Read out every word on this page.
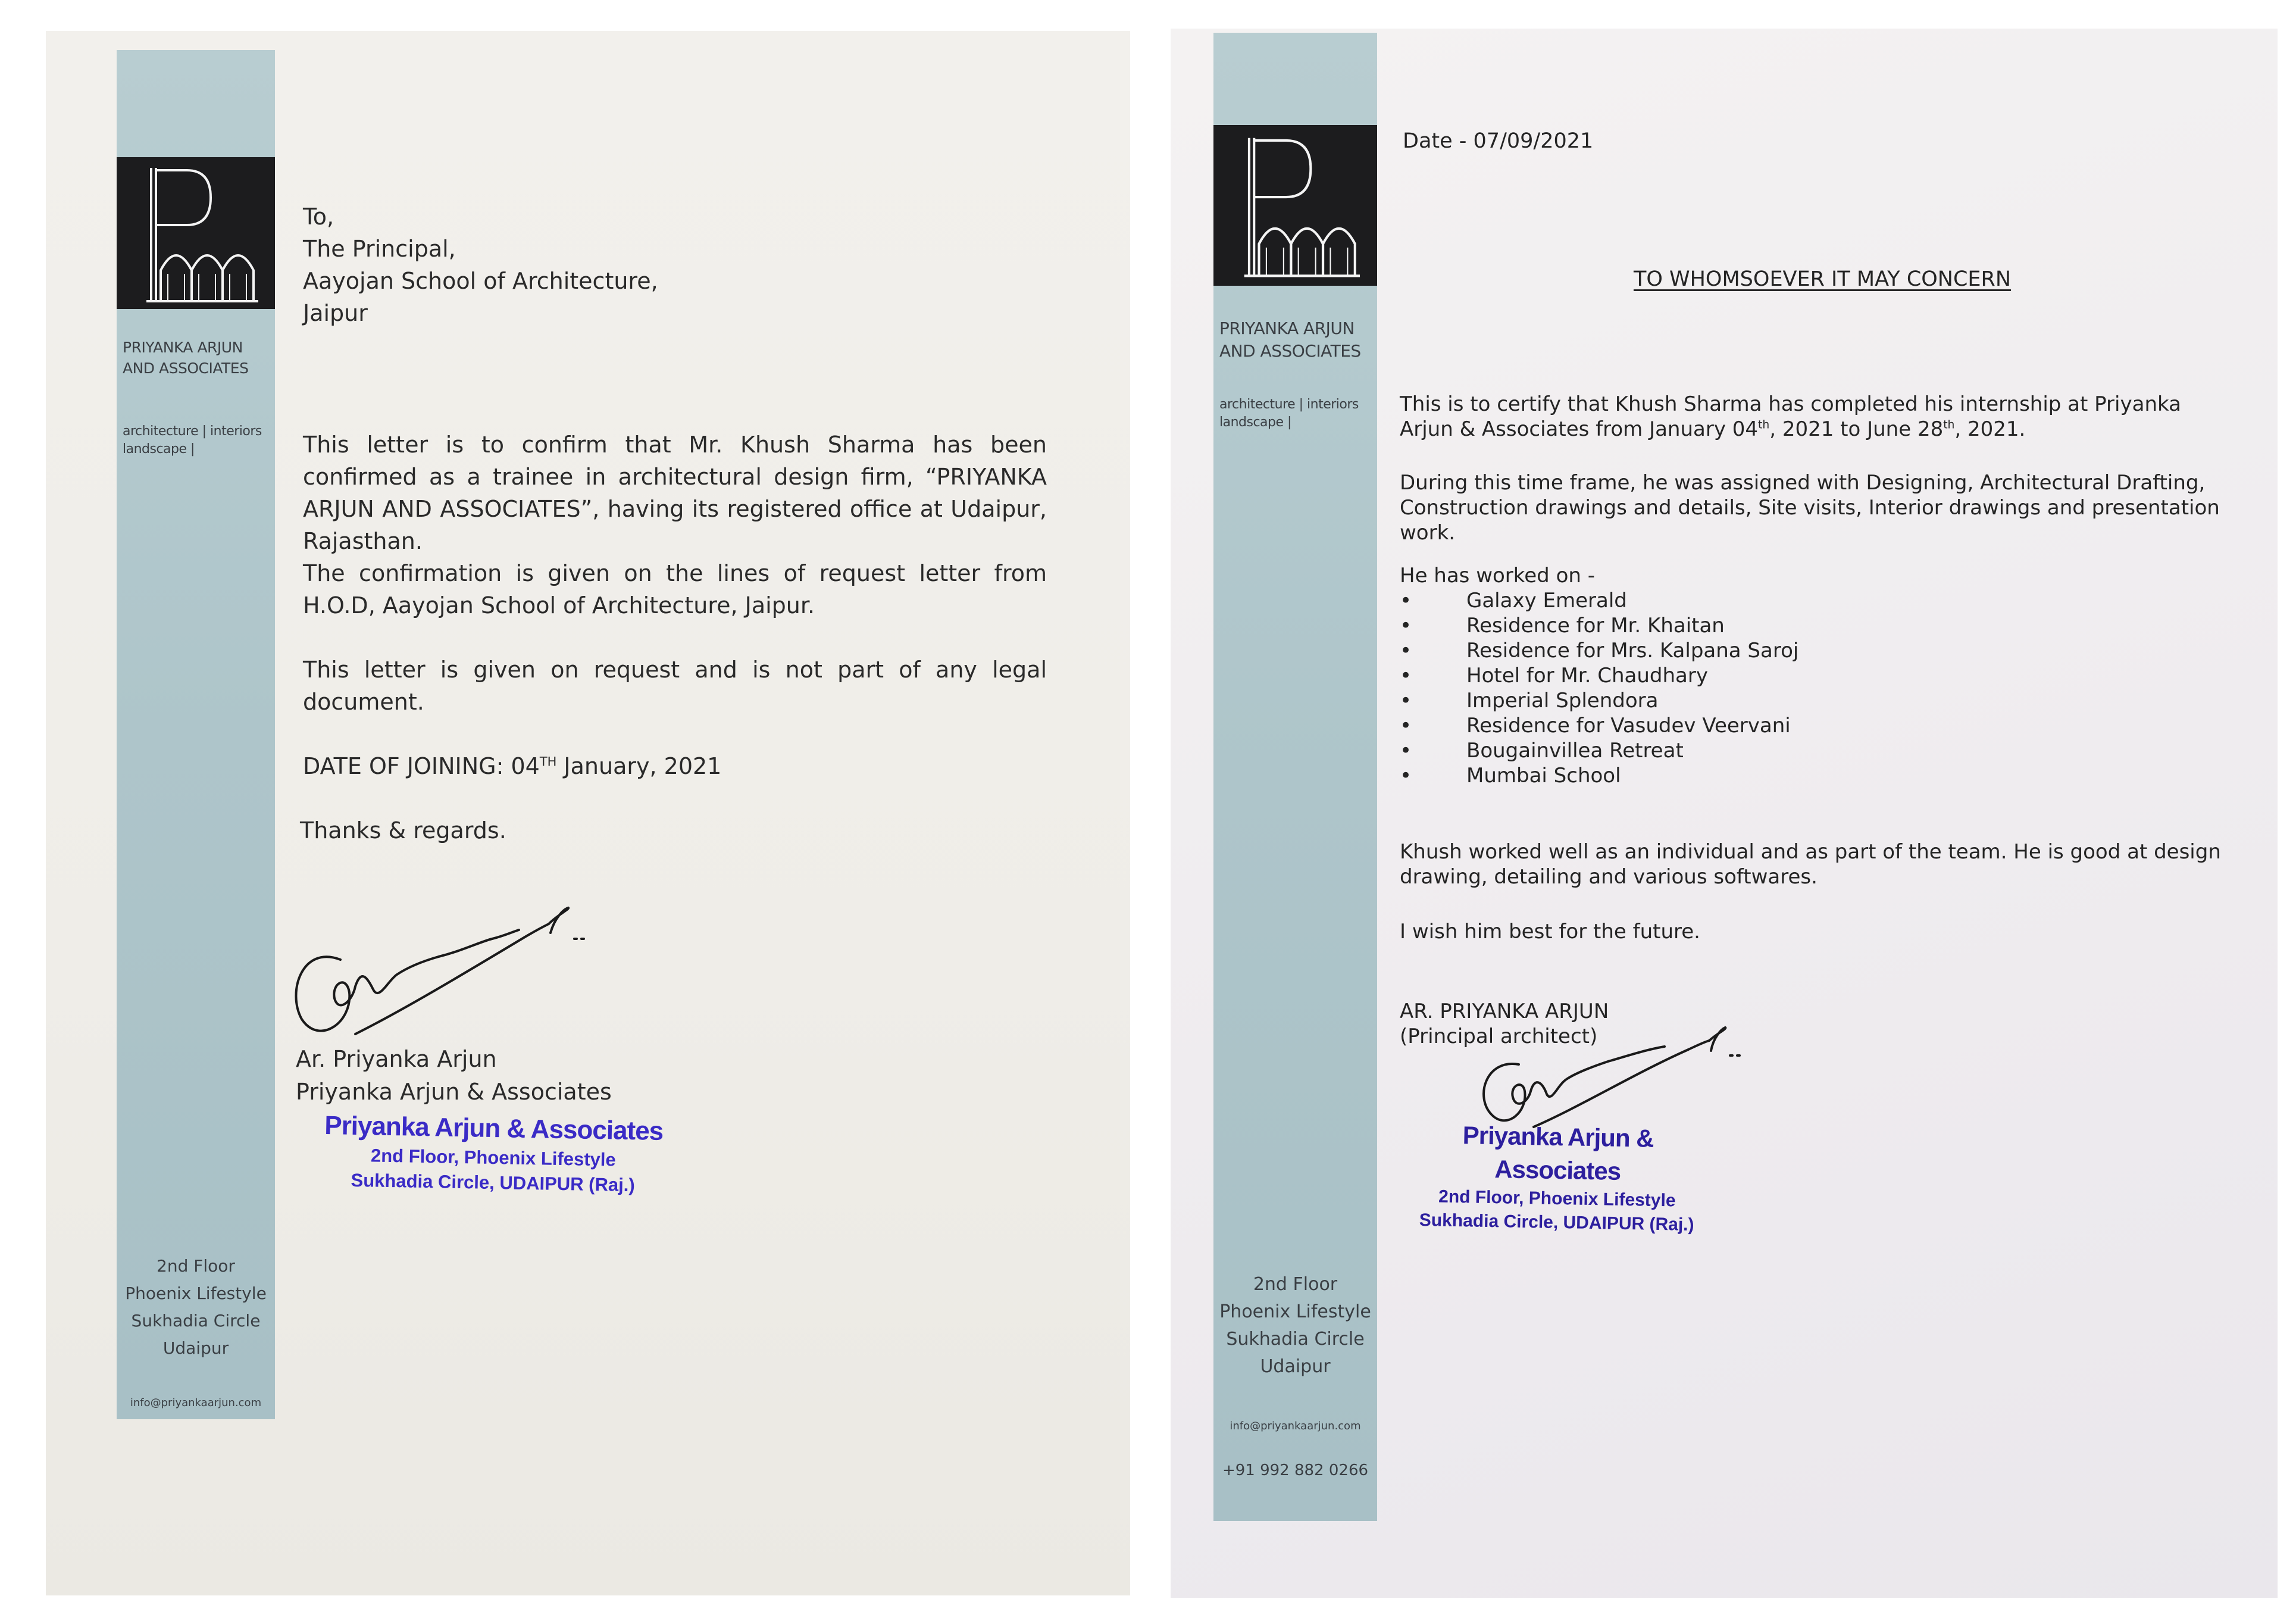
PRIYANKA ARJUN
AND ASSOCIATES
architecture | interiors landscape |
2nd Floor
Phoenix Lifestyle
Sukhadia Circle
Udaipur
info@priyankaarjun.com
To,
The Principal,
Aayojan School of Architecture,
Jaipur
This letter is to confirm that Mr. Khush Sharma has been confirmed as a trainee in architectural design firm, “PRIYANKA ARJUN AND ASSOCIATES”, having its registered office at Udaipur, Rajasthan.
The confirmation is given on the lines of request letter from H.O.D, Aayojan School of Architecture, Jaipur.
This letter is given on request and is not part of any legal document.
DATE OF JOINING: 04TH January, 2021
Thanks & regards.
Ar. Priyanka Arjun
Priyanka Arjun & Associates
Priyanka Arjun & Associates
2nd Floor, Phoenix Lifestyle
Sukhadia Circle, UDAIPUR (Raj.)
PRIYANKA ARJUN
AND ASSOCIATES
architecture | interiors landscape |
2nd Floor
Phoenix Lifestyle
Sukhadia Circle
Udaipur
info@priyankaarjun.com
+91 992 882 0266
Date - 07/09/2021
TO WHOMSOEVER IT MAY CONCERN
This is to certify that Khush Sharma has completed his internship at Priyanka Arjun & Associates from January 04th, 2021 to June 28th, 2021.
During this time frame, he was assigned with Designing, Architectural Drafting, Construction drawings and details, Site visits, Interior drawings and presentation work.
He has worked on -
• Galaxy Emerald
• Residence for Mr. Khaitan
• Residence for Mrs. Kalpana Saroj
• Hotel for Mr. Chaudhary
• Imperial Splendora
• Residence for Vasudev Veervani
• Bougainvillea Retreat
• Mumbai School
Khush worked well as an individual and as part of the team. He is good at design drawing, detailing and various softwares.
I wish him best for the future.
AR. PRIYANKA ARJUN
(Principal architect)
Priyanka Arjun & Associates
2nd Floor, Phoenix Lifestyle
Sukhadia Circle, UDAIPUR (Raj.)
